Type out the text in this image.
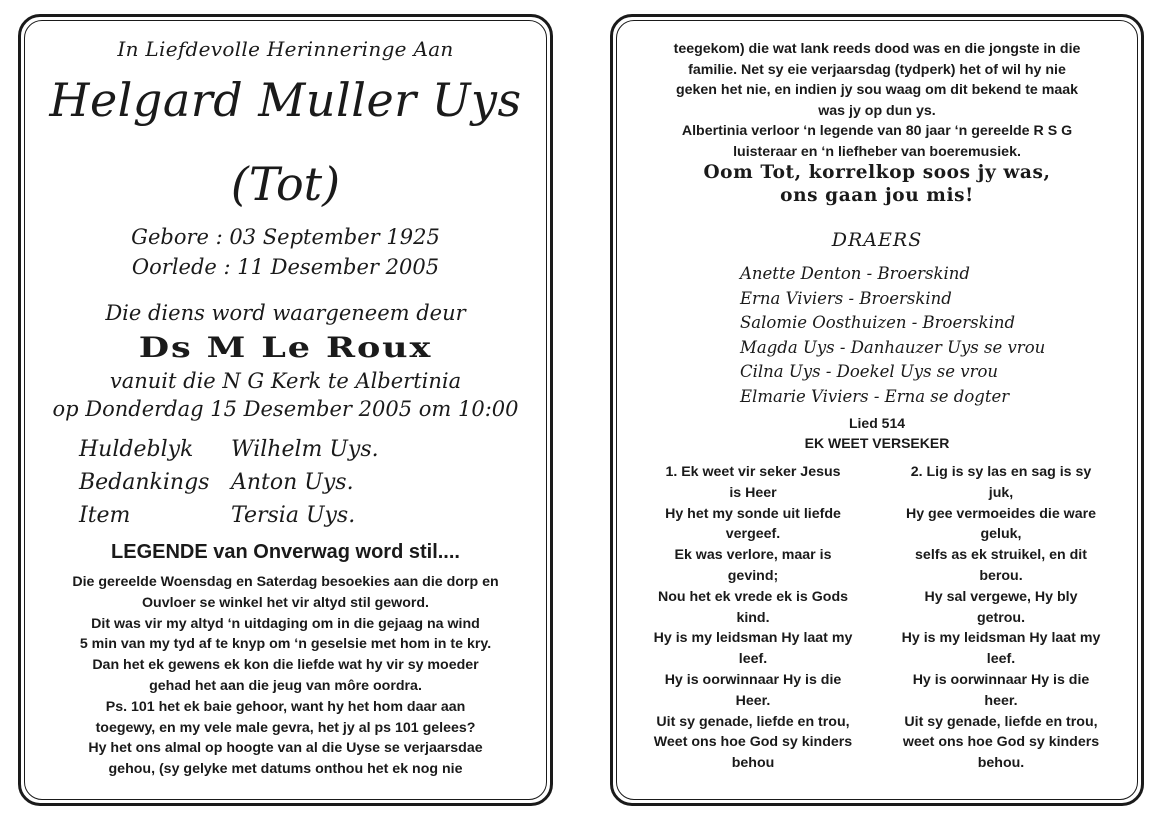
In Liefdevolle Herinneringe Aan
Helgard Muller Uys
(Tot)
Gebore : 03 September 1925
Oorlede : 11 Desember 2005
Die diens word waargeneem deur
Ds M Le Roux
vanuit die N G Kerk te Albertinia
op Donderdag 15 Desember 2005 om 10:00
Huldeblyk Wilhelm Uys.
Bedankings Anton Uys.
Item	Tersia Uys.
LEGENDE van Onverwag word stil....
Die gereelde Woensdag en Saterdag besoekies aan die dorp en
Ouvloer se winkel het vir altyd stil geword.
Dit was vir my altyd ‘n uitdaging om in die gejaag na wind
5 min van my tyd af te knyp om ‘n geselsie met hom in te kry.
Dan het ek gewens ek kon die liefde wat hy vir sy moeder
gehad het aan die jeug van môre oordra.
Ps. 101 het ek baie gehoor, want hy het hom daar aan
toegewy, en my vele male gevra, het jy al ps 101 gelees?
Hy het ons almal op hoogte van al die Uyse se verjaarsdae
gehou, (sy gelyke met datums onthou het ek nog nie
teegekom) die wat lank reeds dood was en die jongste in die
familie. Net sy eie verjaarsdag (tydperk) het of wil hy nie
geken het nie, en indien jy sou waag om dit bekend te maak
was jy op dun ys.
Albertinia verloor ‘n legende van 80 jaar ‘n gereelde R S G
luisteraar en ‘n liefheber van boeremusiek.
Oom Tot, korrelkop soos jy was,
ons gaan jou mis!
DRAERS
Anette Denton - Broerskind
Erna Viviers - Broerskind
Salomie Oosthuizen - Broerskind
Magda Uys - Danhauzer Uys se vrou
Cilna Uys - Doekel Uys se vrou
Elmarie Viviers - Erna se dogter
Lied 514
EK WEET VERSEKER
1. Ek weet vir seker Jesus
is Heer
Hy het my sonde uit liefde
vergeef.
Ek was verlore, maar is
gevind;
Nou het ek vrede ek is Gods
kind.
Hy is my leidsman Hy laat my
leef.
Hy is oorwinnaar Hy is die
Heer.
Uit sy genade, liefde en trou,
Weet ons hoe God sy kinders
behou
2. Lig is sy las en sag is sy
juk,
Hy gee vermoeides die ware
geluk,
selfs as ek struikel, en dit
berou.
Hy sal vergewe, Hy bly
getrou.
Hy is my leidsman Hy laat my
leef.
Hy is oorwinnaar Hy is die
heer.
Uit sy genade, liefde en trou,
weet ons hoe God sy kinders
behou.
